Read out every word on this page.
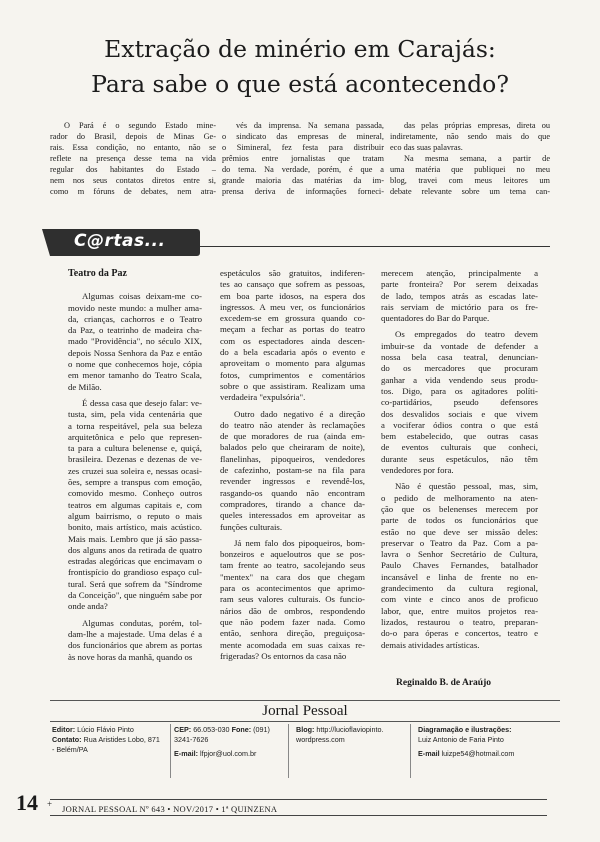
Extração de minério em Carajás:
Para sabe o que está acontecendo?
O Pará é o segundo Estado mine-
rador do Brasil, depois de Minas Ge-
rais. Essa condição, no entanto, não se
reflete na presença desse tema na vida
regular dos habitantes do Estado –
nem nos seus contatos diretos entre si,
como m fóruns de debates, nem atra-
vés da imprensa. Na semana passada,
o sindicato das empresas de mineral,
o Simineral, fez festa para distribuir
prêmios entre jornalistas que tratam
do tema. Na verdade, porém, é que a
grande maioria das matérias da im-
prensa deriva de informações forneci-
das pelas próprias empresas, direta ou
indiretamente, não sendo mais do que
eco das suas palavras.
Na mesma semana, a partir de
uma matéria que publiquei no meu
blog, travei com meus leitores um
debate relevante sobre um tema can-
C@rtas...
Teatro da Paz
Algumas coisas deixam-me co-
movido neste mundo: a mulher ama-
da, crianças, cachorros e o Teatro
da Paz, o teatrinho de madeira cha-
mado "Providência", no século XIX,
depois Nossa Senhora da Paz e então
o nome que conhecemos hoje, cópia
em menor tamanho do Teatro Scala,
de Milão.
É dessa casa que desejo falar: ve-
tusta, sim, pela vida centenária que
a torna respeitável, pela sua beleza
arquitetônica e pelo que represen-
ta para a cultura belenense e, quiçá,
brasileira. Dezenas e dezenas de ve-
zes cruzei sua soleira e, nessas ocasi-
ões, sempre a transpus com emoção,
comovido mesmo. Conheço outros
teatros em algumas capitais e, com
algum bairrismo, o reputo o mais
bonito, mais artístico, mais acústico.
Mais mais. Lembro que já são passa-
dos alguns anos da retirada de quatro
estradas alegóricas que encimavam o
frontispício do grandioso espaço cul-
tural. Será que sofrem da "Síndrome
da Conceição", que ninguém sabe por
onde anda?
Algumas condutas, porém, tol-
dam-lhe a majestade. Uma delas é a
dos funcionários que abrem as portas
às nove horas da manhã, quando os
espetáculos são gratuitos, indiferen-
tes ao cansaço que sofrem as pessoas,
em boa parte idosos, na espera dos
ingressos. A meu ver, os funcionários
excedem-se em grossura quando co-
meçam a fechar as portas do teatro
com os espectadores ainda descen-
do a bela escadaria após o evento e
aproveitam o momento para algumas
fotos, cumprimentos e comentários
sobre o que assistiram. Realizam uma
verdadeira "expulsória".
Outro dado negativo é a direção
do teatro não atender às reclamações
de que moradores de rua (ainda em-
balados pelo que cheiraram de noite),
flanelinhas, pipoqueiros, vendedores
de cafezinho, postam-se na fila para
revender ingressos e revendê-los,
rasgando-os quando não encontram
compradores, tirando a chance da-
queles interessados em aproveitar as
funções culturais.
Já nem falo dos pipoqueiros, bom-
bonzeiros e aqueloutros que se pos-
tam frente ao teatro, sacolejando seus
"mentex" na cara dos que chegam
para os acontecimentos que aprimo-
ram seus valores culturais. Os funcio-
nários dão de ombros, respondendo
que não podem fazer nada. Como
então, senhora direção, preguiçosa-
mente acomodada em suas caixas re-
frigeradas? Os entornos da casa não
merecem atenção, principalmente a
parte fronteira? Por serem deixadas
de lado, tempos atrás as escadas late-
rais serviam de mictório para os fre-
quentadores do Bar do Parque.
Os empregados do teatro devem
imbuir-se da vontade de defender a
nossa bela casa teatral, denuncian-
do os mercadores que procuram
ganhar a vida vendendo seus produ-
tos. Digo, para os agitadores políti-
co-partidários, pseudo defensores
dos desvalidos sociais e que vivem
a vociferar ódios contra o que está
bem estabelecido, que outras casas
de eventos culturais que conheci,
durante seus espetáculos, não têm
vendedores por fora.
Não é questão pessoal, mas, sim,
o pedido de melhoramento na aten-
ção que os belenenses merecem por
parte de todos os funcionários que
estão no que deve ser missão deles:
preservar o Teatro da Paz. Com a pa-
lavra o Senhor Secretário de Cultura,
Paulo Chaves Fernandes, batalhador
incansável e linha de frente no en-
grandecimento da cultura regional,
com vinte e cinco anos de proficuo
labor, que, entre muitos projetos rea-
lizados, restaurou o teatro, preparan-
do-o para óperas e concertos, teatro e
demais atividades artísticas.
Reginaldo B. de Araújo
Jornal Pessoal
Editor: Lúcio Flávio Pinto
Contato: Rua Aristides Lobo, 871
- Belém/PA
CEP: 66.053-030 Fone: (091)
3241-7626
E-mail: lfpjor@uol.com.br
Blog: http://lucioflaviopinto.
wordpress.com
Diagramação e ilustrações:
Luiz Antonio de Faria Pinto
E-mail luizpe54@hotmail.com
14 + JORNAL PESSOAL Nº 643 • NOV/2017 • 1ª QUINZENA
